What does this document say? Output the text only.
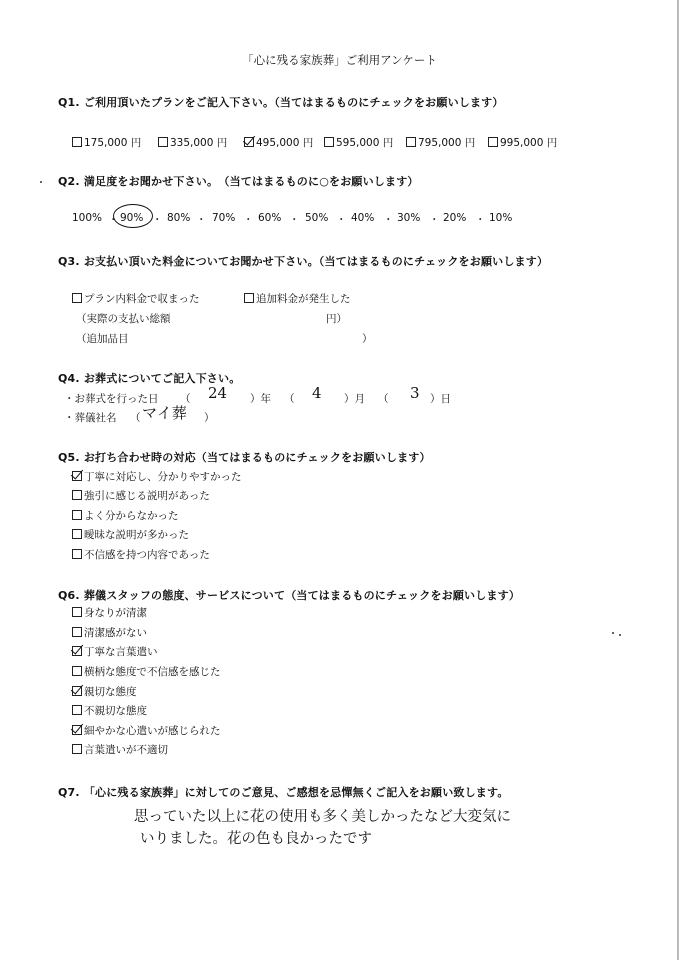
「心に残る家族葬」ご利用アンケート
Q1. ご利用頂いたプランをご記入下さい。（当てはまるものにチェックをお願いします）
175,000 円	335,000 円	495,000 円	595,000 円	795,000 円	995,000 円
Q2. 満足度をお聞かせ下さい。　（当てはまるものに○をお願いします）
100% ・ 90% ・ 80% ・ 70% ・ 60% ・ 50% ・ 40% ・ 30% ・ 20% ・ 10%
Q3. お支払い頂いた料金についてお聞かせ下さい。（当てはまるものにチェックをお願いします）
プラン内料金で収まった	追加料金が発生した
（実際の支払い総額	円）
（追加品目	）
Q4. お葬式についてご記入下さい。
・お葬式を行った日 （ 24 ）年 （ 4 ）月 （ 3 ）日
・葬儀社名 （ マイ葬 ）
Q5. お打ち合わせ時の対応（当てはまるものにチェックをお願いします）
丁寧に対応し、分かりやすかった
強引に感じる説明があった
よく分からなかった
曖昧な説明が多かった
不信感を持つ内容であった
Q6. 葬儀スタッフの態度、サービスについて（当てはまるものにチェックをお願いします）
身なりが清潔
清潔感がない
丁寧な言葉遣い
横柄な態度で不信感を感じた
親切な態度
不親切な態度
細やかな心遣いが感じられた
言葉遣いが不適切
Q7. 「心に残る家族葬」に対してのご意見、ご感想を忌憚無くご記入をお願い致します。
思っていた以上に花の使用も多く美しかったなど大変気に
いりました。花の色も良かったです
